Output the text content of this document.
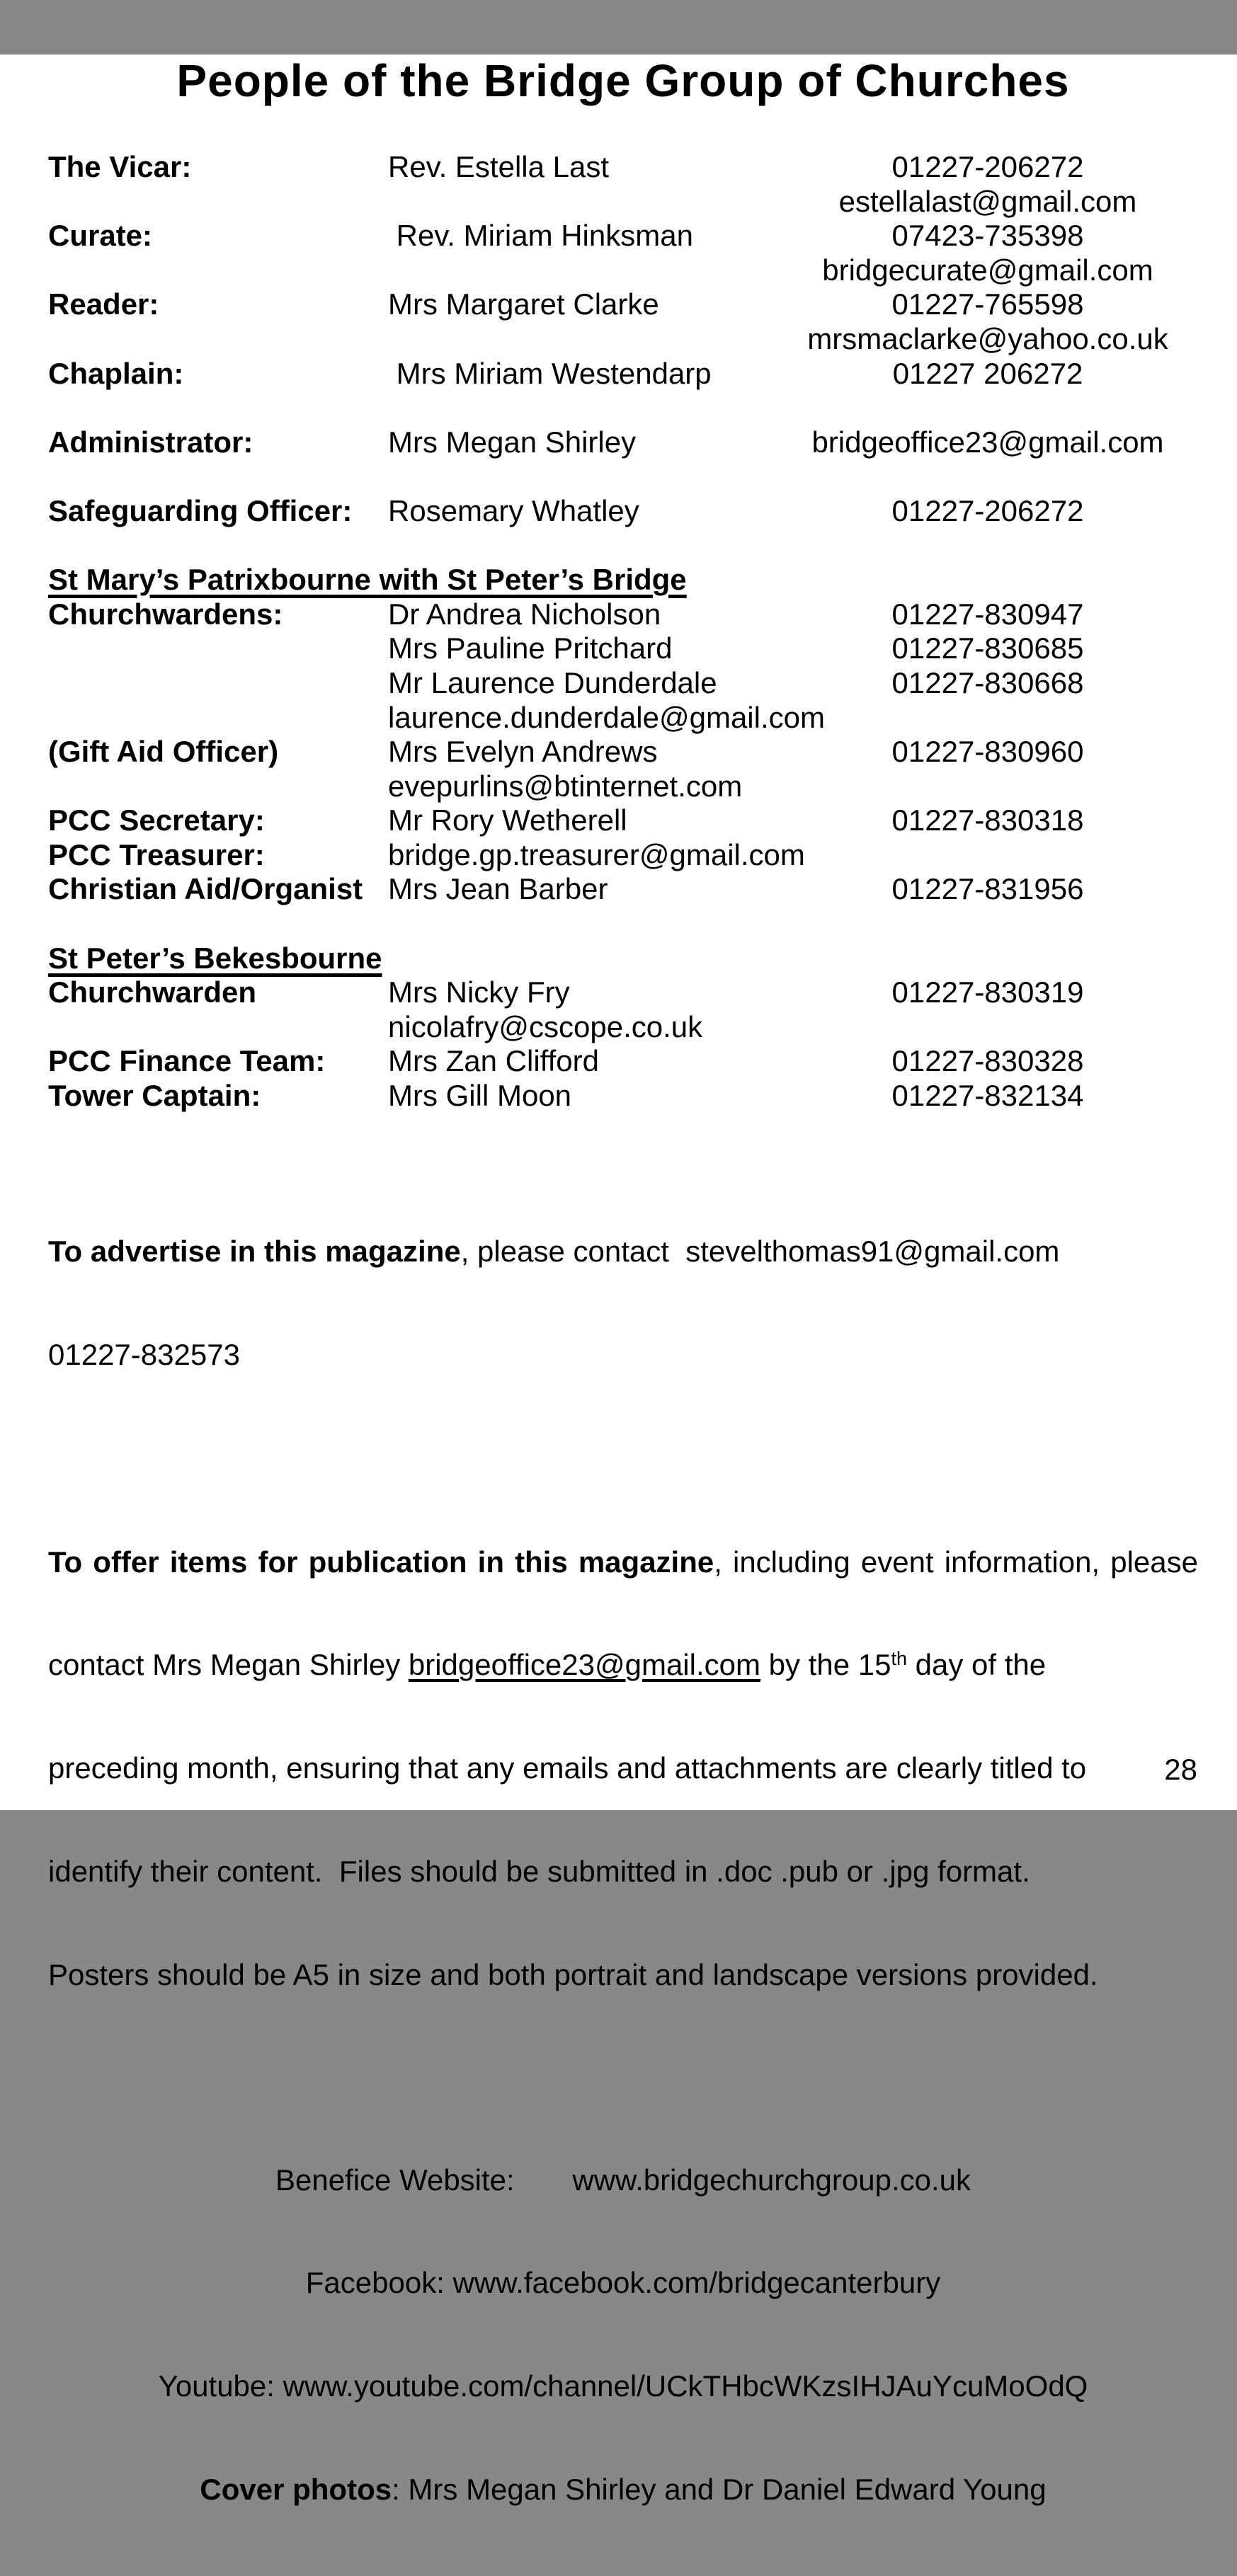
People of the Bridge Group of Churches
The Vicar:	Rev. Estella Last	01227-206272
estellalast@gmail.com
Curate:	Rev. Miriam Hinksman	07423-735398
bridgecurate@gmail.com
Reader:	Mrs Margaret Clarke	01227-765598
mrsmaclarke@yahoo.co.uk
Chaplain:	Mrs Miriam Westendarp	01227 206272
Administrator:	Mrs Megan Shirley	bridgeoffice23@gmail.com
Safeguarding Officer:	Rosemary Whatley	01227-206272
St Mary’s Patrixbourne with St Peter’s Bridge
Churchwardens:	Dr Andrea Nicholson	01227-830947
Mrs Pauline Pritchard	01227-830685
Mr Laurence Dunderdale	01227-830668
laurence.dunderdale@gmail.com
(Gift Aid Officer)	Mrs Evelyn Andrews	01227-830960
evepurlins@btinternet.com
PCC Secretary:	Mr Rory Wetherell	01227-830318
PCC Treasurer:	bridge.gp.treasurer@gmail.com
Christian Aid/Organist Mrs Jean Barber	01227-831956
St Peter’s Bekesbourne
Churchwarden	Mrs Nicky Fry	01227-830319
nicolafry@cscope.co.uk
PCC Finance Team:	Mrs Zan Clifford	01227-830328
Tower Captain:	Mrs Gill Moon	01227-832134

To advertise in this magazine, please contact  stevelthomas91@gmail.com

01227-832573

To offer items for publication in this magazine, including event information, please

contact Mrs Megan Shirley bridgeoffice23@gmail.com by the 15th day of the

preceding month, ensuring that any emails and attachments are clearly titled to

identify their content.  Files should be submitted in .doc .pub or .jpg format.

Posters should be A5 in size and both portrait and landscape versions provided.

Benefice Website:       www.bridgechurchgroup.co.uk

Facebook: www.facebook.com/bridgecanterbury

Youtube: www.youtube.com/channel/UCkTHbcWKzsIHJAuYcuMoOdQ

Cover photos: Mrs Megan Shirley and Dr Daniel Edward Young

28
